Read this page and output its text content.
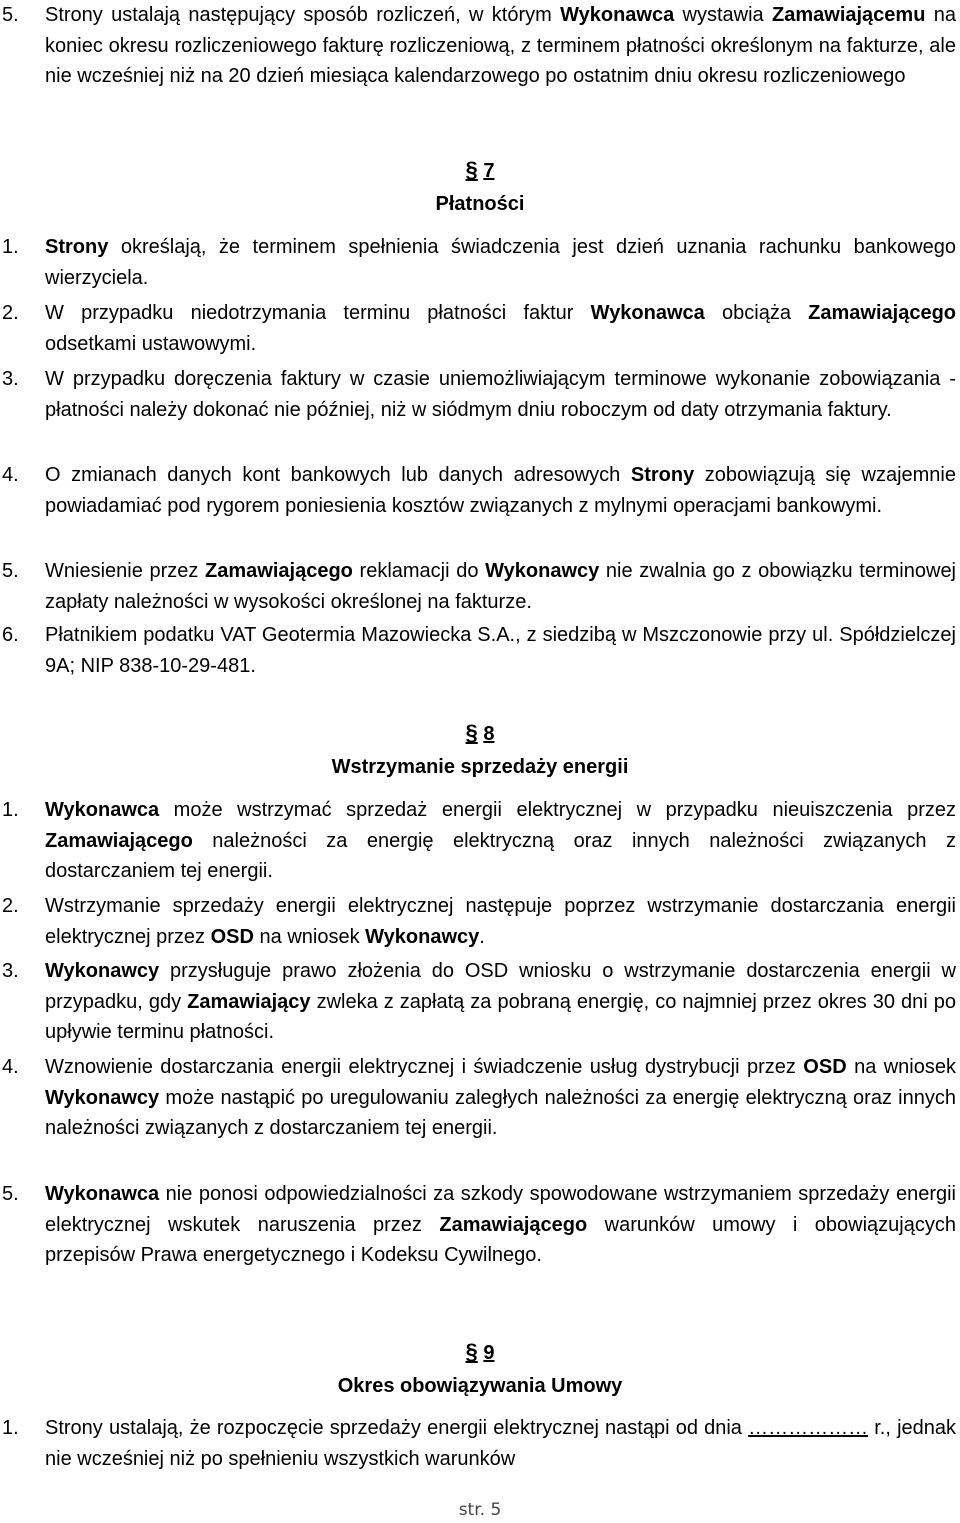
5. Strony ustalają następujący sposób rozliczeń, w którym Wykonawca wystawia Zamawiającemu na koniec okresu rozliczeniowego fakturę rozliczeniową, z terminem płatności określonym na fakturze, ale nie wcześniej niż na 20 dzień miesiąca kalendarzowego po ostatnim dniu okresu rozliczeniowego
§ 7
Płatności
1. Strony określają, że terminem spełnienia świadczenia jest dzień uznania rachunku bankowego wierzyciela.
2. W przypadku niedotrzymania terminu płatności faktur Wykonawca obciąża Zamawiającego odsetkami ustawowymi.
3. W przypadku doręczenia faktury w czasie uniemożliwiającym terminowe wykonanie zobowiązania - płatności należy dokonać nie później, niż w siódmym dniu roboczym od daty otrzymania faktury.
4. O zmianach danych kont bankowych lub danych adresowych Strony zobowiązują się wzajemnie powiadamiać pod rygorem poniesienia kosztów związanych z mylnymi operacjami bankowymi.
5. Wniesienie przez Zamawiającego reklamacji do Wykonawcy nie zwalnia go z obowiązku terminowej zapłaty należności w wysokości określonej na fakturze.
6. Płatnikiem podatku VAT Geotermia Mazowiecka S.A., z siedzibą w Mszczonowie przy ul. Spółdzielczej 9A; NIP 838-10-29-481.
§ 8
Wstrzymanie sprzedaży energii
1. Wykonawca może wstrzymać sprzedaż energii elektrycznej w przypadku nieuiszczenia przez Zamawiającego należności za energię elektryczną oraz innych należności związanych z dostarczaniem tej energii.
2. Wstrzymanie sprzedaży energii elektrycznej następuje poprzez wstrzymanie dostarczania energii elektrycznej przez OSD na wniosek Wykonawcy.
3. Wykonawcy przysługuje prawo złożenia do OSD wniosku o wstrzymanie dostarczenia energii w przypadku, gdy Zamawiający zwleka z zapłatą za pobraną energię, co najmniej przez okres 30 dni po upływie terminu płatności.
4. Wznowienie dostarczania energii elektrycznej i świadczenie usług dystrybucji przez OSD na wniosek Wykonawcy może nastąpić po uregulowaniu zaległych należności za energię elektryczną oraz innych należności związanych z dostarczaniem tej energii.
5. Wykonawca nie ponosi odpowiedzialności za szkody spowodowane wstrzymaniem sprzedaży energii elektrycznej wskutek naruszenia przez Zamawiającego warunków umowy i obowiązujących przepisów Prawa energetycznego i Kodeksu Cywilnego.
§ 9
Okres obowiązywania Umowy
1. Strony ustalają, że rozpoczęcie sprzedaży energii elektrycznej nastąpi od dnia ……………… r., jednak nie wcześniej niż po spełnieniu wszystkich warunków
str. 5
